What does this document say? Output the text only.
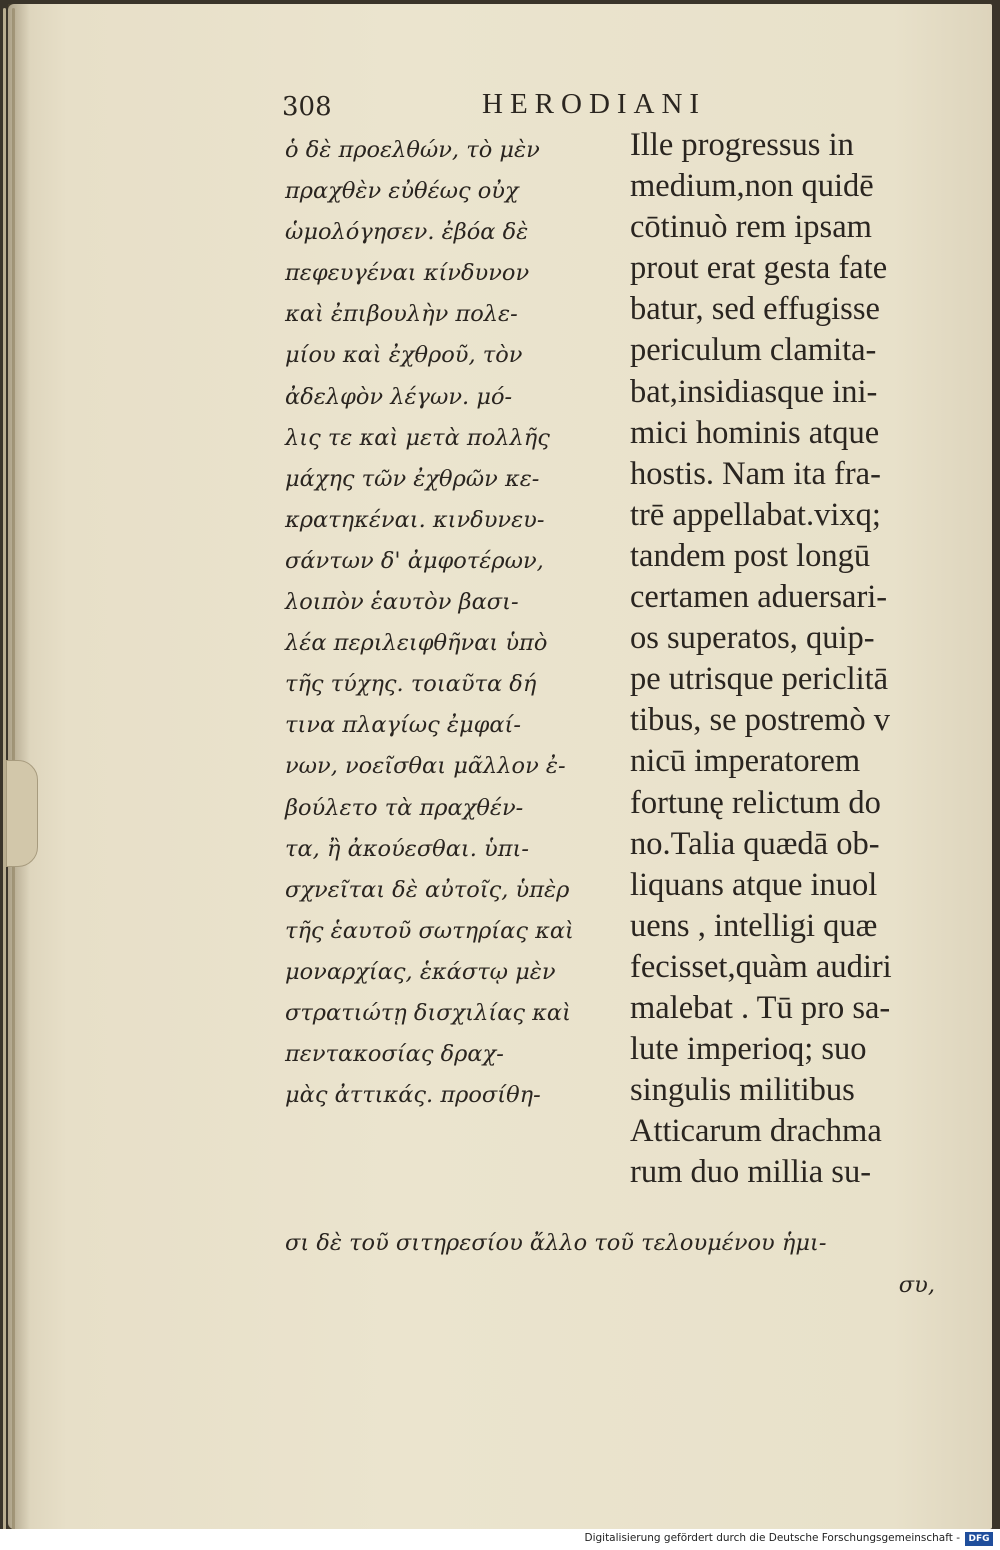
308	HERODIANI
ὁ δὲ προελθών, τὸ μὲν
πραχθὲν εὐθέως οὐχ
ὡμολόγησεν. ἐβόα δὲ
πεφευγέναι κίνδυνον
καὶ ἐπιβουλὴν πολε-
μίου καὶ ἐχθροῦ, τὸν
ἀδελφὸν λέγων. μό-
λις τε καὶ μετὰ πολλῆς
μάχης τῶν ἐχθρῶν κε-
κρατηκέναι. κινδυνευ-
σάντων δ' ἀμφοτέρων,
λοιπὸν ἑαυτὸν βασι-
λέα περιλειφθῆναι ὑπὸ
τῆς τύχης. τοιαῦτα δή
τινα πλαγίως ἐμφαί-
νων, νοεῖσθαι μᾶλλον ἐ-
βούλετο τὰ πραχθέν-
τα, ἢ ἀκούεσθαι. ὑπι-
σχνεῖται δὲ αὐτοῖς, ὑπὲρ
τῆς ἑαυτοῦ σωτηρίας καὶ
μοναρχίας, ἑκάστῳ μὲν
στρατιώτῃ δισχιλίας καὶ
πεντακοσίας δραχ-
μὰς ἀττικάς. προσίθη-
Ille progressus in
medium,non quidē
cōtinuò rem ipsam
prout erat gesta fate
batur, sed effugisse
periculum clamita-
bat,insidiasque ini-
mici hominis atque
hostis. Nam ita fra-
trē appellabat.vixq;
tandem post longū
certamen aduersari-
os superatos, quip-
pe utrisque periclitā
tibus, se postremò v
nicū imperatorem
fortunę relictum do
no.Talia quædā ob-
liquans atque inuol
uens , intelligi quæ
fecisset,quàm audiri
malebat . Tū pro sa-
lute imperioq; suo
singulis militibus
Atticarum drachma
rum duo millia su-
σι δὲ τοῦ σιτηρεσίου ἄλλο τοῦ τελουμένου ἡμι-
συ,
Digitalisierung gefördert durch die Deutsche Forschungsgemeinschaft - DFG
